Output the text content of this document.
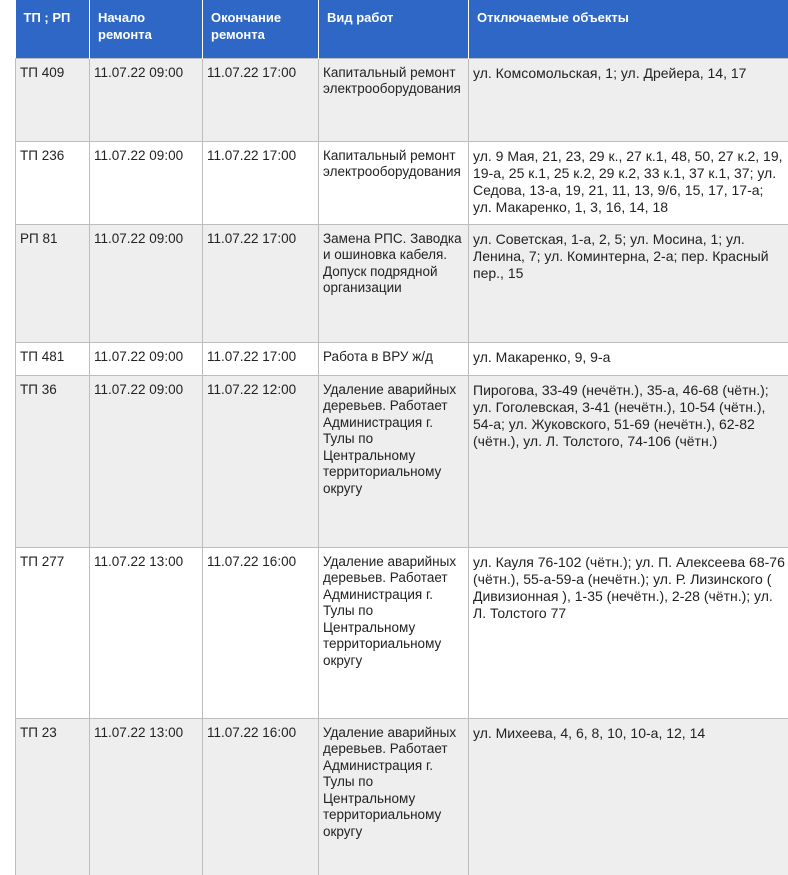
ТП ; РП	Начало ремонта	Окончание ремонта	Вид работ	Отключаемые объекты
ТП 409	11.07.22 09:00	11.07.22 17:00	Капитальный ремонт электрооборудования	ул. Комсомольская, 1; ул. Дрейера, 14, 17
ТП 236	11.07.22 09:00	11.07.22 17:00	Капитальный ремонт электрооборудования	ул. 9 Мая, 21, 23, 29 к., 27 к.1, 48, 50, 27 к.2, 19, 19-а, 25 к.1, 25 к.2, 29 к.2, 33 к.1, 37 к.1, 37; ул. Седова, 13-а, 19, 21, 11, 13, 9/6, 15, 17, 17-а; ул. Макаренко, 1, 3, 16, 14, 18
РП 81	11.07.22 09:00	11.07.22 17:00	Замена РПС. Заводка и ошиновка кабеля. Допуск подрядной организации	ул. Советская, 1-а, 2, 5; ул. Мосина, 1; ул. Ленина, 7; ул. Коминтерна, 2-а; пер. Красный пер., 15
ТП 481	11.07.22 09:00	11.07.22 17:00	Работа в ВРУ ж/д	ул. Макаренко, 9, 9-а
ТП 36	11.07.22 09:00	11.07.22 12:00	Удаление аварийных деревьев. Работает Администрация г. Тулы по Центральному территориальному округу	Пирогова, 33-49 (нечётн.), 35-а, 46-68 (чётн.); ул. Гоголевская, 3-41 (нечётн.), 10-54 (чётн.), 54-а; ул. Жуковского, 51-69 (нечётн.), 62-82 (чётн.), ул. Л. Толстого, 74-106 (чётн.)
ТП 277	11.07.22 13:00	11.07.22 16:00	Удаление аварийных деревьев. Работает Администрация г. Тулы по Центральному территориальному округу	ул. Кауля 76-102 (чётн.); ул. П. Алексеева 68-76 (чётн.), 55-а-59-а (нечётн.); ул. Р. Лизинского ( Дивизионная ), 1-35 (нечётн.), 2-28 (чётн.); ул. Л. Толстого 77
ТП 23	11.07.22 13:00	11.07.22 16:00	Удаление аварийных деревьев. Работает Администрация г. Тулы по Центральному территориальному округу	ул. Михеева, 4, 6, 8, 10, 10-а, 12, 14
